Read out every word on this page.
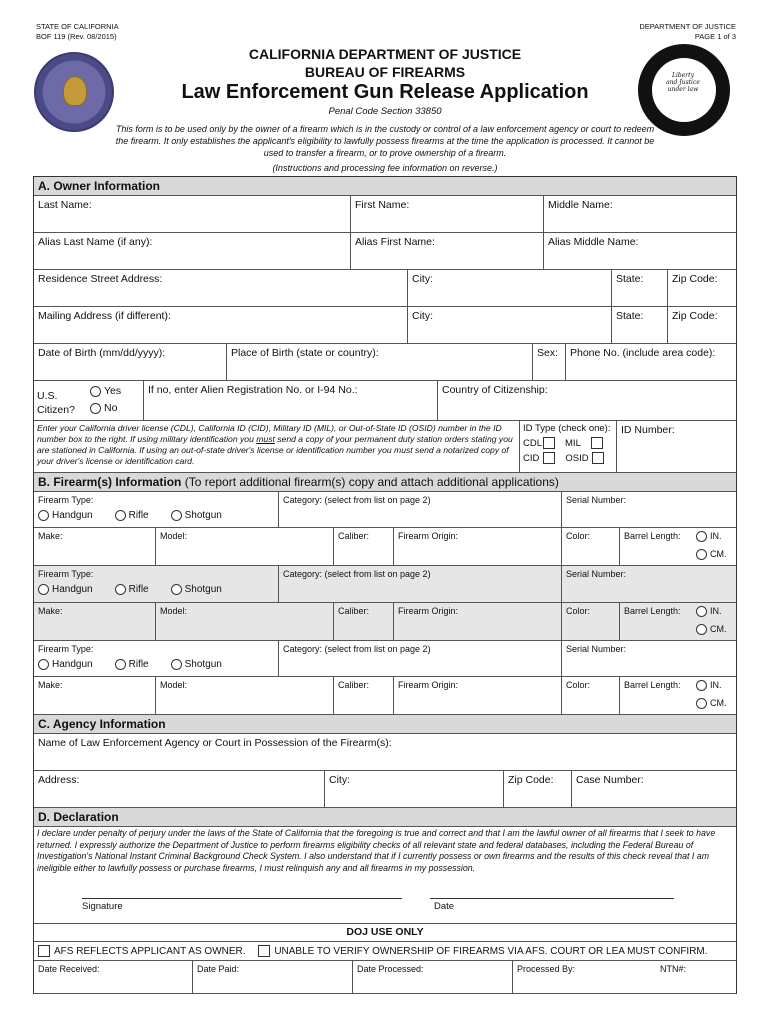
STATE OF CALIFORNIA
BOF 119 (Rev. 08/2015)
DEPARTMENT OF JUSTICE
PAGE 1 of 3
Liberty and Justice under law
CALIFORNIA DEPARTMENT OF JUSTICE
BUREAU OF FIREARMS
Law Enforcement Gun Release Application
Penal Code Section 33850
This form is to be used only by the owner of a firearm which is in the custody or control of a law enforcement agency or court to redeem the firearm. It only establishes the applicant's eligibility to lawfully possess firearms at the time the application is processed. It cannot be used to transfer a firearm, or to prove ownership of a firearm.
(Instructions and processing fee information on reverse.)
A. Owner Information
Last Name:	First Name:	Middle Name:
Alias Last Name (if any):	Alias First Name:	Alias Middle Name:
Residence Street Address:	City:	State:	Zip Code:
Mailing Address (if different):	City:	State:	Zip Code:
Date of Birth (mm/dd/yyyy):	Place of Birth (state or country):	Sex:	Phone No. (include area code):
U.S. Citizen?
Yes
No
If no, enter Alien Registration No. or I-94 No.:	Country of Citizenship:
Enter your California driver license (CDL), California ID (CID), Military ID (MIL), or Out-of-State ID (OSID) number in the ID number box to the right. If using military identification you must send a copy of your permanent duty station orders stating you are stationed in California. If using an out-of-state driver's license or identification number you must send a notarized copy of your driver's license or identification card.
ID Type (check one):
CDL MIL
CID	OSID
ID Number:
B. Firearm(s) Information (To report additional firearm(s) copy and attach additional applications)
Firearm Type:
Handgun	Rifle	Shotgun
Category: (select from list on page 2)	Serial Number:
Make:	Model:	Caliber:	Firearm Origin:	Color:	Barrel Length:	IN.
CM.
Firearm Type:
Handgun	Rifle	Shotgun
Category: (select from list on page 2)	Serial Number:
Make:	Model:	Caliber:	Firearm Origin:	Color:	Barrel Length:	IN.
CM.
Firearm Type:
Handgun	Rifle	Shotgun
Category: (select from list on page 2)	Serial Number:
Make:	Model:	Caliber:	Firearm Origin:	Color:	Barrel Length:	IN.
CM.
C. Agency Information
Name of Law Enforcement Agency or Court in Possession of the Firearm(s):
Address:	City:	Zip Code:	Case Number:
D. Declaration
I declare under penalty of perjury under the laws of the State of California that the foregoing is true and correct and that I am the lawful owner of all firearms that I seek to have returned. I expressly authorize the Department of Justice to perform firearms eligibility checks of all relevant state and federal databases, including the Federal Bureau of Investigation's National Instant Criminal Background Check System. I also understand that if I currently possess or own firearms and the results of this check reveal that I am ineligible either to lawfully possess or purchase firearms, I must relinquish any and all firearms in my possession.
Signature	Date
DOJ USE ONLY
AFS REFLECTS APPLICANT AS OWNER.	UNABLE TO VERIFY OWNERSHIP OF FIREARMS VIA AFS. COURT OR LEA MUST CONFIRM.
Date Received:	Date Paid:	Date Processed:	Processed By:	NTN#:
